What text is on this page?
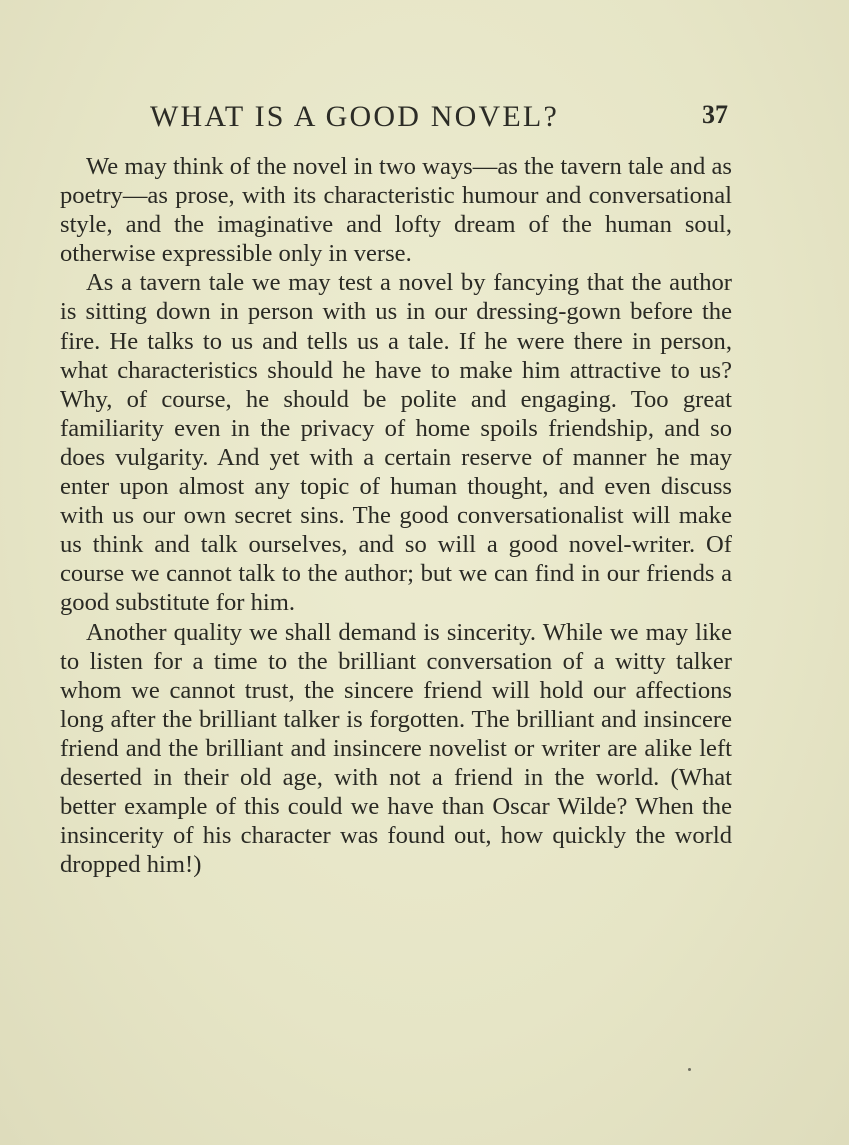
WHAT IS A GOOD NOVEL?	37

We may think of the novel in two ways—as the tavern tale and as poetry—as prose, with its characteristic humour and conversational style, and the imaginative and lofty dream of the human soul, otherwise expressible only in verse.

As a tavern tale we may test a novel by fancying that the author is sitting down in person with us in our dressing-gown before the fire. He talks to us and tells us a tale. If he were there in person, what characteristics should he have to make him attractive to us? Why, of course, he should be polite and engaging. Too great familiarity even in the privacy of home spoils friendship, and so does vulgarity. And yet with a certain reserve of manner he may enter upon almost any topic of human thought, and even discuss with us our own secret sins. The good conversationalist will make us think and talk ourselves, and so will a good novel-writer. Of course we cannot talk to the author; but we can find in our friends a good substitute for him.

Another quality we shall demand is sincerity. While we may like to listen for a time to the brilliant conversation of a witty talker whom we cannot trust, the sincere friend will hold our affections long after the brilliant talker is forgotten. The brilliant and insincere friend and the brilliant and insincere novelist or writer are alike left deserted in their old age, with not a friend in the world. (What better example of this could we have than Oscar Wilde? When the insincerity of his character was found out, how quickly the world dropped him!)
